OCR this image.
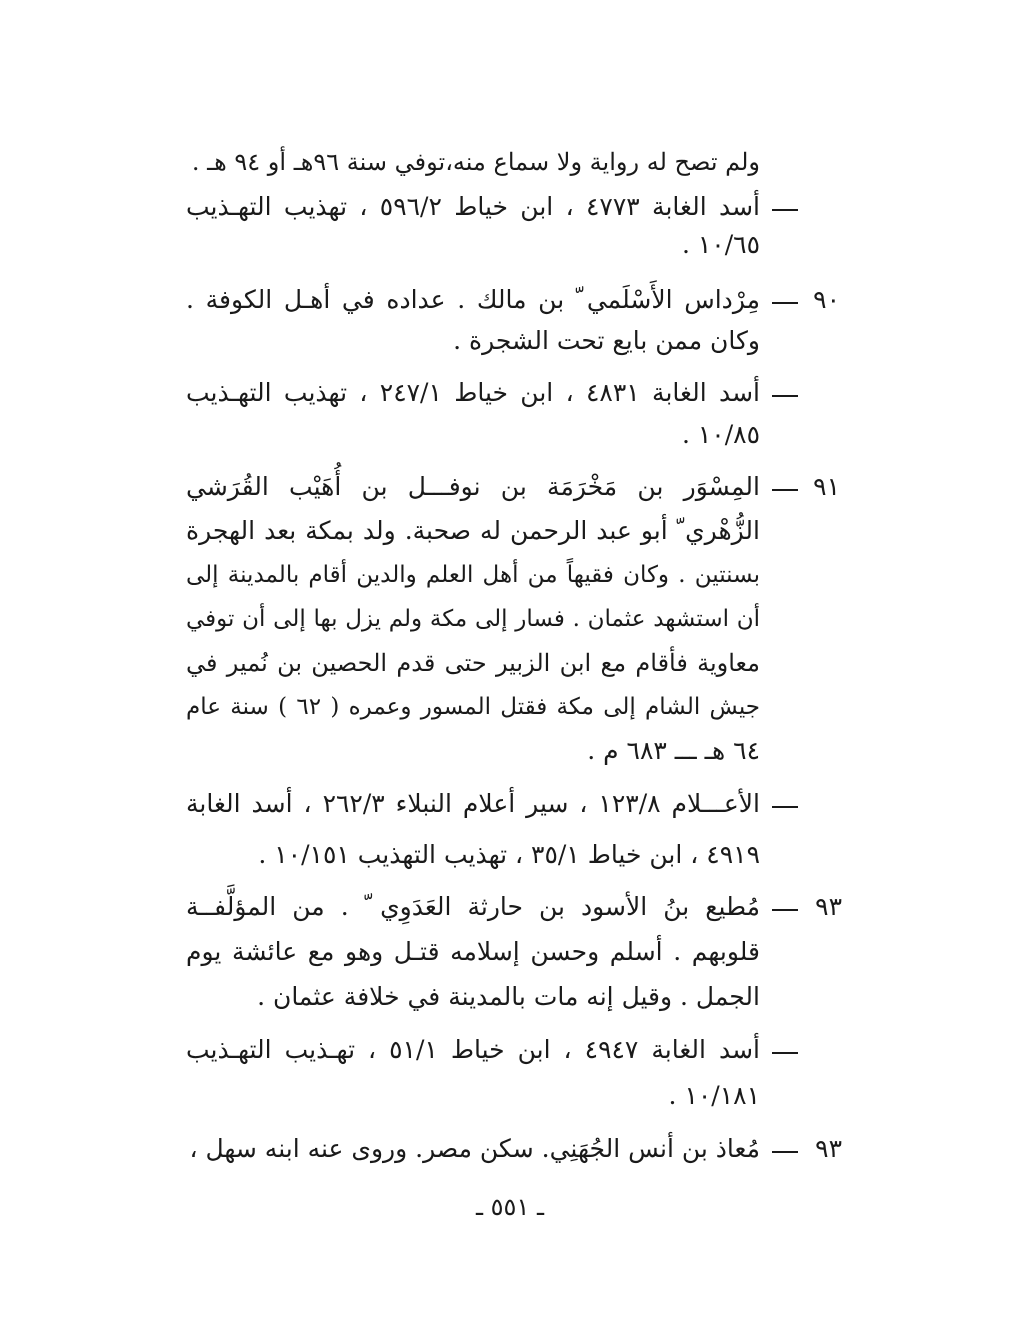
ولم تصح له رواية ولا سماع منه،توفي سنة ٩٦هـ أو ٩٤ هـ .
أسد الغابة ٤٧٧٣ ، ابن خياط ٥٩٦/٢ ، تهذيب التهـذيب
١٠/٦٥ .
٩٠
مِرْداس الأَسْلَمي ّ بن مالك . عداده في أهـل الكوفة .
وكان ممن بايع تحت الشجرة .
أسد الغابة ٤٨٣١ ، ابن خياط ٢٤٧/١ ، تهذيب التهـذيب
١٠/٨٥ .
٩١
المِسْوَر بن مَخْرَمَة بن نوفـــل بن أُهَيْب القُرَشي
الزُّهْري ّ أبو عبد الرحمن له صحبة. ولد بمكة بعد الهجرة
بسنتين . وكان فقيهاً من أهل العلم والدين أقام بالمدينة إلى
أن استشهد عثمان . فسار إلى مكة ولم يزل بها إلى أن توفي
معاوية فأقام مع ابن الزبير حتى قدم الحصين بن نُمير في
جيش الشام إلى مكة فقتل المسور وعمره ( ٦٢ ) سنة عام
٦٤ هـ ـــ ٦٨٣ م .
الأعـــلام ١٢٣/٨ ، سير أعلام النبلاء ٢٦٢/٣ ، أسد الغابة
٤٩١٩ ، ابن خياط ٣٥/١ ، تهذيب التهذيب ١٠/١٥١ .
٩٣
مُطيع بنُ الأسود بن حارثة العَدَوِي ّ . من المؤلَّفــة
قلوبهم . أسلم وحسن إسلامه قتـل وهو مع عائشة يوم
الجمل . وقيل إنه مات بالمدينة في خلافة عثمان .
أسد الغابة ٤٩٤٧ ، ابن خياط ٥١/١ ، تهـذيب التهـذيب
١٠/١٨١ .
٩٣
مُعاذ بن أنس الجُهَنِي. سكن مصر. وروى عنه ابنه سهل ،
ـ ٥٥١ ـ
